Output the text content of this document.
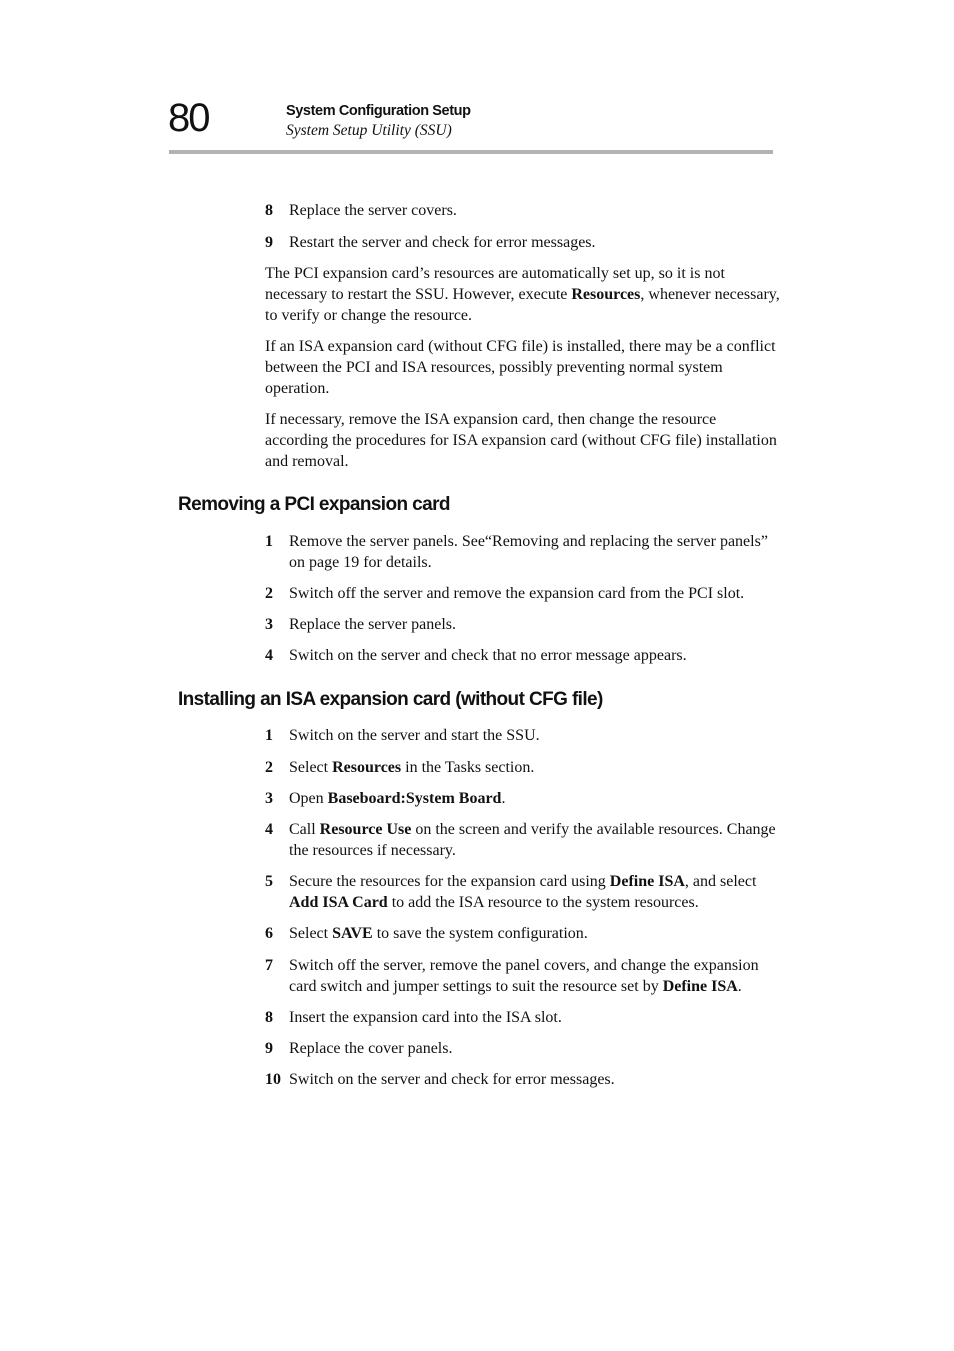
80	System Configuration Setup
System Setup Utility (SSU)
8 Replace the server covers.
9 Restart the server and check for error messages.
The PCI expansion card’s resources are automatically set up, so it is not necessary to restart the SSU. However, execute Resources, whenever necessary, to verify or change the resource.
If an ISA expansion card (without CFG file) is installed, there may be a conflict between the PCI and ISA resources, possibly preventing normal system operation.
If necessary, remove the ISA expansion card, then change the resource according the procedures for ISA expansion card (without CFG file) installation and removal.
Removing a PCI expansion card
1 Remove the server panels. See“Removing and replacing the server panels” on page 19 for details.
2 Switch off the server and remove the expansion card from the PCI slot.
3 Replace the server panels.
4 Switch on the server and check that no error message appears.
Installing an ISA expansion card (without CFG file)
1 Switch on the server and start the SSU.
2 Select Resources in the Tasks section.
3 Open Baseboard:System Board.
4 Call Resource Use on the screen and verify the available resources. Change the resources if necessary.
5 Secure the resources for the expansion card using Define ISA, and select Add ISA Card to add the ISA resource to the system resources.
6 Select SAVE to save the system configuration.
7 Switch off the server, remove the panel covers, and change the expansion card switch and jumper settings to suit the resource set by Define ISA.
8 Insert the expansion card into the ISA slot.
9 Replace the cover panels.
10 Switch on the server and check for error messages.
